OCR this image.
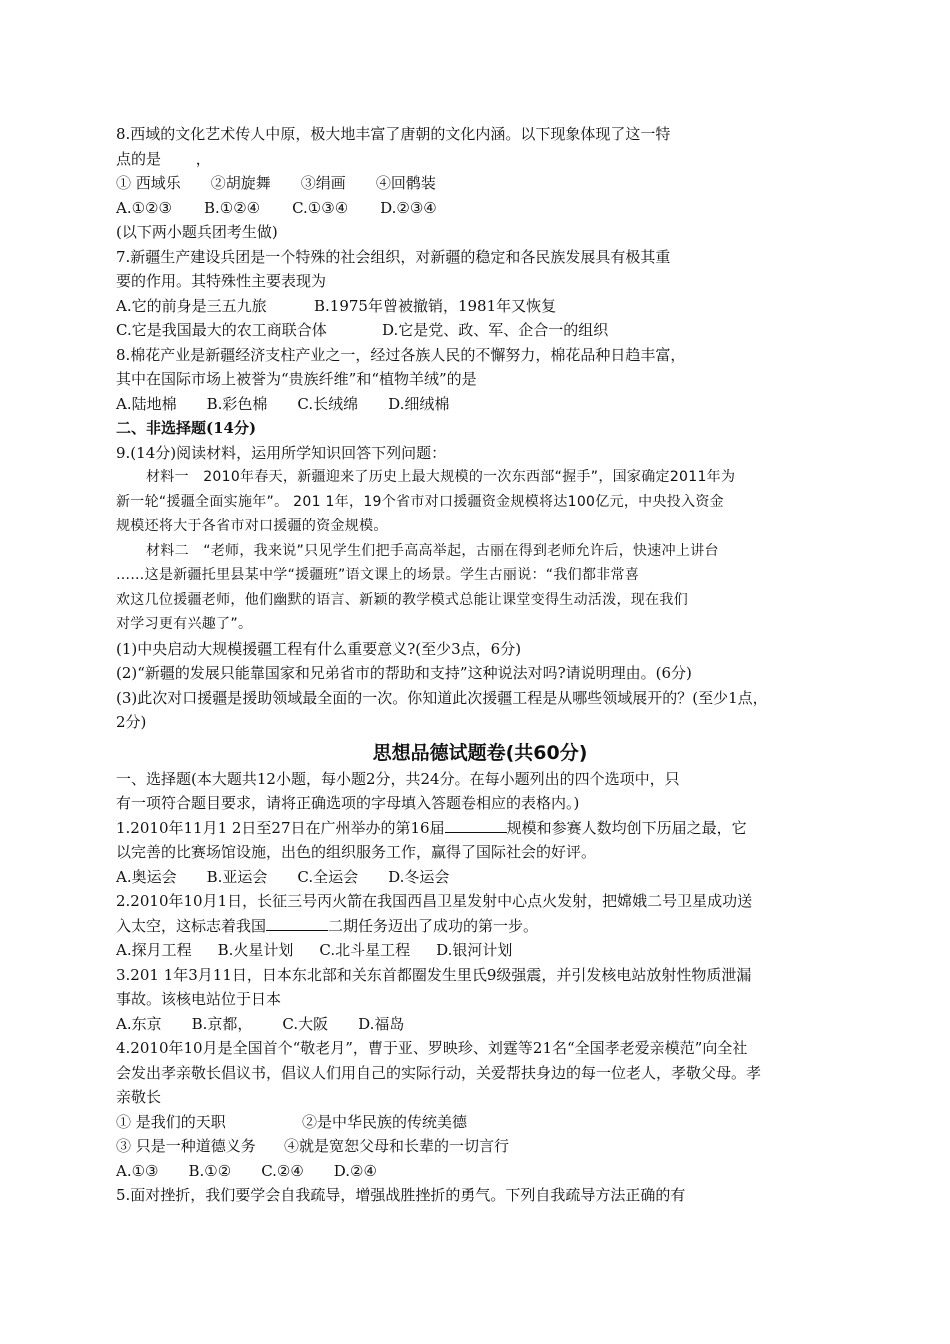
8.西域的文化艺术传人中原，极大地丰富了唐朝的文化内涵。以下现象体现了这一特
点的是　　 ，
① 西域乐 ②胡旋舞 ③绢画 ④回鹘装
A.①②③ B.①②④ C.①③④ D.②③④
(以下两小题兵团考生做)
7.新疆生产建设兵团是一个特殊的社会组织，对新疆的稳定和各民族发展具有极其重
要的作用。其特殊性主要表现为
A.它的前身是三五九旅	B.1975年曾被撤销，1981年又恢复
C.它是我国最大的农工商联合体	D.它是党、政、军、企合一的组织
8.棉花产业是新疆经济支柱产业之一，经过各族人民的不懈努力，棉花品种日趋丰富，
其中在国际市场上被誉为“贵族纤维”和“植物羊绒”的是
A.陆地棉 B.彩色棉 C.长绒绵 D.细绒棉
二、非选择题(14分)
9.(14分)阅读材料，运用所学知识回答下列问题：
材料一　2010年春天，新疆迎来了历史上最大规模的一次东西部“握手”，国家确定2011年为
新一轮“援疆全面实施年”。 201 1年，19个省市对口援疆资金规模将达100亿元，中央投入资金
规模还将大于各省市对口援疆的资金规模。
材料二　“老师，我来说”只见学生们把手高高举起，古丽在得到老师允许后，快速冲上讲台
……这是新疆托里县某中学“援疆班”语文课上的场景。学生古丽说：“我们都非常喜
欢这几位援疆老师，他们幽默的语言、新颖的教学模式总能让课堂变得生动活泼，现在我们
对学习更有兴趣了”。
(1)中央启动大规模援疆工程有什么重要意义?(至少3点，6分)
(2)“新疆的发展只能靠国家和兄弟省市的帮助和支持”这种说法对吗?请说明理由。(6分)
(3)此次对口援疆是援助领域最全面的一次。你知道此次援疆工程是从哪些领域展开的？(至少1点，
2分)
思想品德试题卷(共60分)
一、选择题(本大题共12小题，每小题2分，共24分。在每小题列出的四个选项中，只
有一项符合题目要求，请将正确选项的字母填入答题卷相应的表格内。)
1.2010年11月1 2日至27日在广州举办的第16届	规模和参赛人数均创下历届之最，它
以完善的比赛场馆设施，出色的组织服务工作，赢得了国际社会的好评。
A.奥运会 B.亚运会 C.全运会 D.冬运会
2.2010年10月1日，长征三号丙火箭在我国西昌卫星发射中心点火发射，把嫦娥二号卫星成功送
入太空，这标志着我国	二期任务迈出了成功的第一步。
A.探月工程 B.火星计划 C.北斗星工程 D.银河计划
3.201 1年3月11日，日本东北部和关东首都圈发生里氏9级强震，并引发核电站放射性物质泄漏
事故。该核电站位于日本
A.东京 B.京都， C.大阪 D.福岛
4.2010年10月是全国首个“敬老月”，曹于亚、罗映珍、刘霆等21名“全国孝老爱亲模范”向全社
会发出孝亲敬长倡议书，倡议人们用自己的实际行动，关爱帮扶身边的每一位老人，孝敬父母。孝
亲敬长
① 是我们的天职	②是中华民族的传统美德
③ 只是一种道德义务 ④就是宽恕父母和长辈的一切言行
A.①③ B.①② C.②④ D.②④
5.面对挫折，我们要学会自我疏导，增强战胜挫折的勇气。下列自我疏导方法正确的有
